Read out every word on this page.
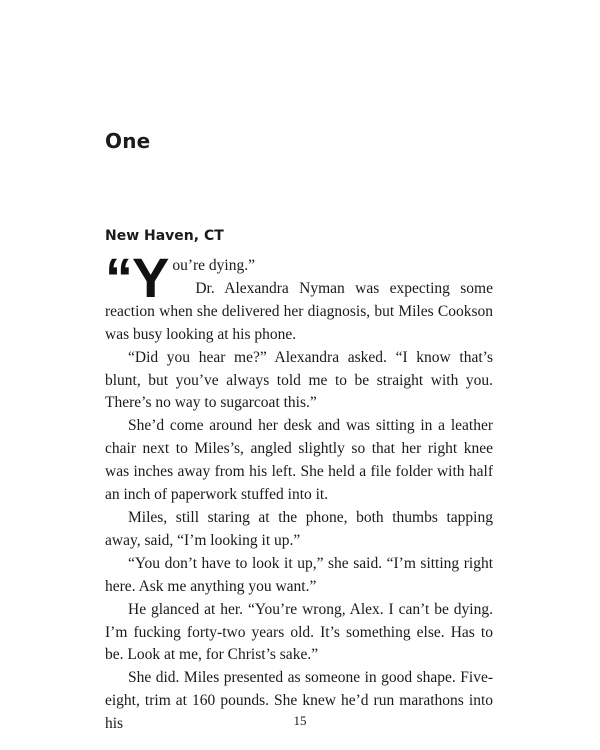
One
New Haven, CT

“You’re dying.”

Dr. Alexandra Nyman was expecting some reaction when she delivered her diagnosis, but Miles Cookson was busy looking at his phone.

“Did you hear me?” Alexandra asked. “I know that’s blunt, but you’ve always told me to be straight with you. There’s no way to sugarcoat this.”

She’d come around her desk and was sitting in a leather chair next to Miles’s, angled slightly so that her right knee was inches away from his left. She held a file folder with half an inch of paperwork stuffed into it.

Miles, still staring at the phone, both thumbs tapping away, said, “I’m looking it up.”

“You don’t have to look it up,” she said. “I’m sitting right here. Ask me anything you want.”

He glanced at her. “You’re wrong, Alex. I can’t be dying. I’m fucking forty-two years old. It’s something else. Has to be. Look at me, for Christ’s sake.”

She did. Miles presented as someone in good shape. Five-eight, trim at 160 pounds. She knew he’d run marathons into his	15
